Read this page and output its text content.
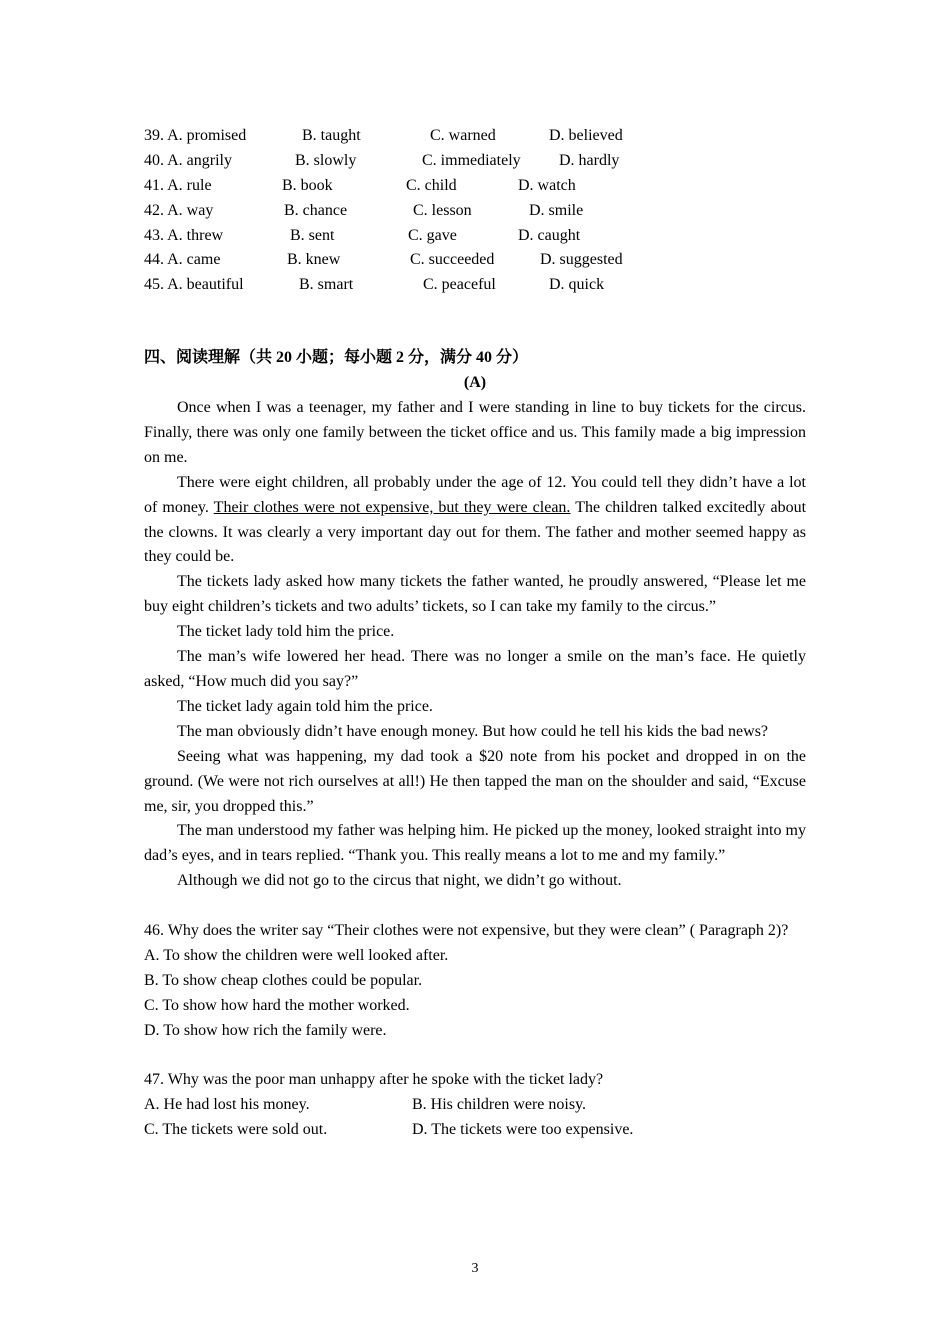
39. A. promised	B. taught	C. warned	D. believed
40. A. angrily	B. slowly	C. immediately D. hardly
41. A. rule	B. book	C. child	D. watch
42. A. way	B. chance	C. lesson	D. smile
43. A. threw	B. sent	C. gave	D. caught
44. A. came	B. knew	C. succeeded	D. suggested
45. A. beautiful	B. smart	C. peaceful	D. quick
四、阅读理解（共 20 小题；每小题 2 分，满分 40 分）
(A)

Once when I was a teenager, my father and I were standing in line to buy tickets for the circus. Finally, there was only one family between the ticket office and us. This family made a big impression on me.

There were eight children, all probably under the age of 12. You could tell they didn’t have a lot of money. Their clothes were not expensive, but they were clean. The children talked excitedly about the clowns. It was clearly a very important day out for them. The father and mother seemed happy as they could be.

The tickets lady asked how many tickets the father wanted, he proudly answered, “Please let me buy eight children’s tickets and two adults’ tickets, so I can take my family to the circus.”

The ticket lady told him the price.

The man’s wife lowered her head. There was no longer a smile on the man’s face. He quietly asked, “How much did you say?”

The ticket lady again told him the price.

The man obviously didn’t have enough money. But how could he tell his kids the bad news?

Seeing what was happening, my dad took a $20 note from his pocket and dropped in on the ground. (We were not rich ourselves at all!) He then tapped the man on the shoulder and said, “Excuse me, sir, you dropped this.”

The man understood my father was helping him. He picked up the money, looked straight into my dad’s eyes, and in tears replied. “Thank you. This really means a lot to me and my family.”

Although we did not go to the circus that night, we didn’t go without.

46. Why does the writer say “Their clothes were not expensive, but they were clean” ( Paragraph 2)?

A. To show the children were well looked after.

B. To show cheap clothes could be popular.

C. To show how hard the mother worked.

D. To show how rich the family were.

47. Why was the poor man unhappy after he spoke with the ticket lady?

A. He had lost his money.	B. His children were noisy.
C. The tickets were sold out.	D. The tickets were too expensive.
3
